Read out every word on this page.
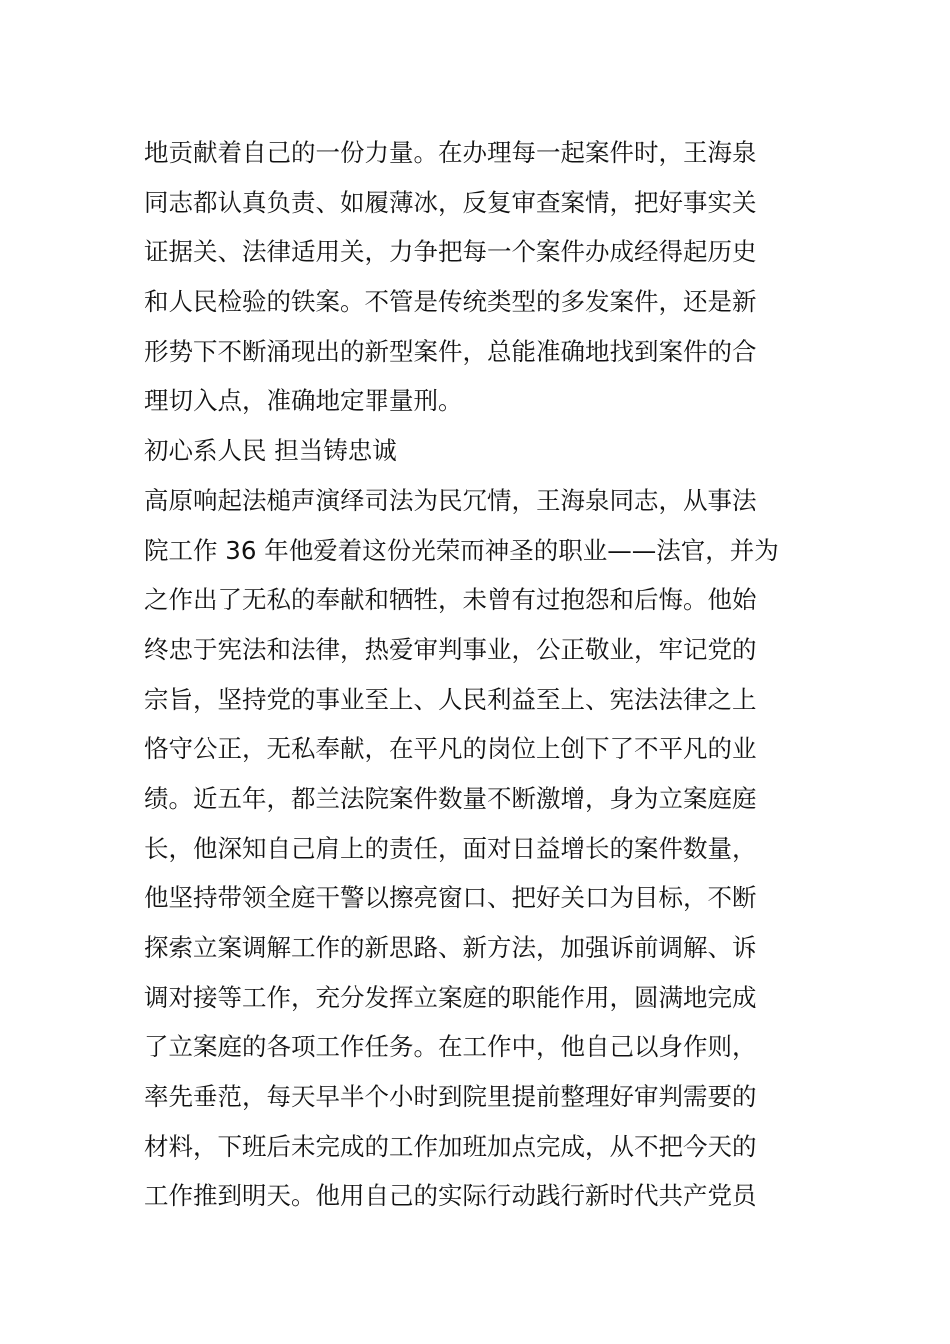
地贡献着自己的一份力量。在办理每一起案件时，王海泉
同志都认真负责、如履薄冰，反复审查案情，把好事实关
证据关、法律适用关，力争把每一个案件办成经得起历史
和人民检验的铁案。不管是传统类型的多发案件，还是新
形势下不断涌现出的新型案件，总能准确地找到案件的合
理切入点，准确地定罪量刑。
初心系人民 担当铸忠诚
高原响起法槌声演绎司法为民冗情，王海泉同志，从事法
院工作 36 年他爱着这份光荣而神圣的职业——法官，并为
之作出了无私的奉献和牺牲，未曾有过抱怨和后悔。他始
终忠于宪法和法律，热爱审判事业，公正敬业，牢记党的
宗旨，坚持党的事业至上、人民利益至上、宪法法律之上
恪守公正，无私奉献，在平凡的岗位上创下了不平凡的业
绩。近五年，都兰法院案件数量不断激增，身为立案庭庭
长，他深知自己肩上的责任，面对日益增长的案件数量，
他坚持带领全庭干警以擦亮窗口、把好关口为目标，不断
探索立案调解工作的新思路、新方法，加强诉前调解、诉
调对接等工作，充分发挥立案庭的职能作用，圆满地完成
了立案庭的各项工作任务。在工作中，他自己以身作则，
率先垂范，每天早半个小时到院里提前整理好审判需要的
材料，下班后未完成的工作加班加点完成，从不把今天的
工作推到明天。他用自己的实际行动践行新时代共产党员
